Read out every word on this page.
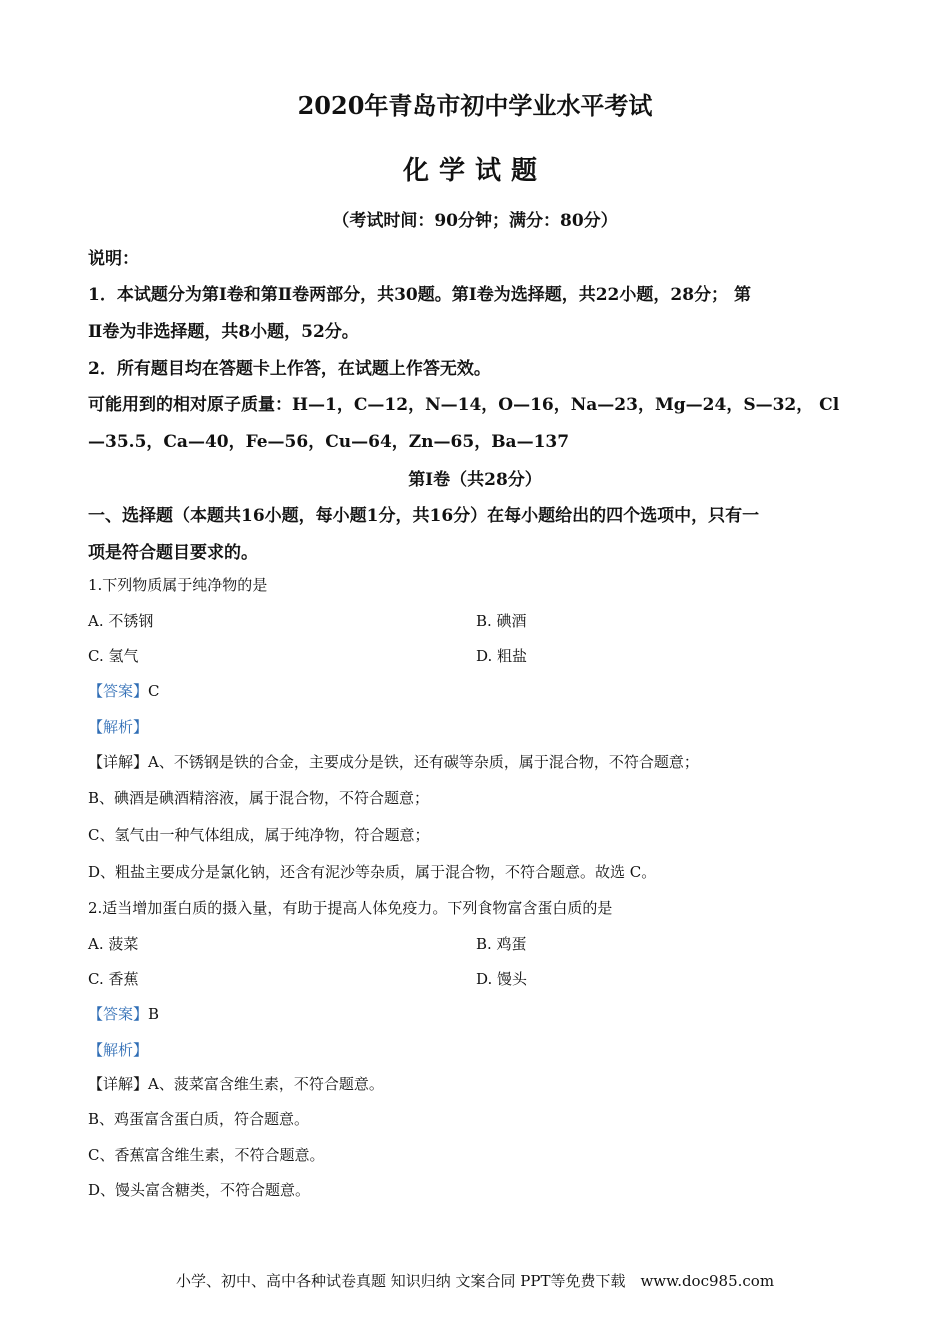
2020年青岛市初中学业水平考试
化学试题
（考试时间：90分钟；满分：80分）
说明：
1．本试题分为第Ⅰ卷和第Ⅱ卷两部分，共30题。第Ⅰ卷为选择题，共22小题，28分； 第
Ⅱ卷为非选择题，共8小题，52分。
2．所有题目均在答题卡上作答，在试题上作答无效。
可能用到的相对原子质量：H—1，C—12，N—14，O—16，Na—23，Mg—24，S—32， Cl
—35.5，Ca—40，Fe—56，Cu—64，Zn—65，Ba—137
第Ⅰ卷（共28分）
一、选择题（本题共16小题，每小题1分，共16分）在每小题给出的四个选项中，只有一
项是符合题目要求的。
1.下列物质属于纯净物的是
A. 不锈钢	B. 碘酒
C. 氢气	D. 粗盐
【答案】C
【解析】
【详解】A、不锈钢是铁的合金，主要成分是铁，还有碳等杂质，属于混合物，不符合题意；
B、碘酒是碘酒精溶液，属于混合物，不符合题意；
C、氢气由一种气体组成，属于纯净物，符合题意；
D、粗盐主要成分是氯化钠，还含有泥沙等杂质，属于混合物，不符合题意。故选 C。
2.适当增加蛋白质的摄入量，有助于提高人体免疫力。下列食物富含蛋白质的是
A. 菠菜	B. 鸡蛋
C. 香蕉	D. 馒头
【答案】B
【解析】
【详解】A、菠菜富含维生素，不符合题意。
B、鸡蛋富含蛋白质，符合题意。
C、香蕉富含维生素，不符合题意。
D、馒头富含糖类，不符合题意。
小学、初中、高中各种试卷真题 知识归纳 文案合同 PPT等免费下载　www.doc985.com
